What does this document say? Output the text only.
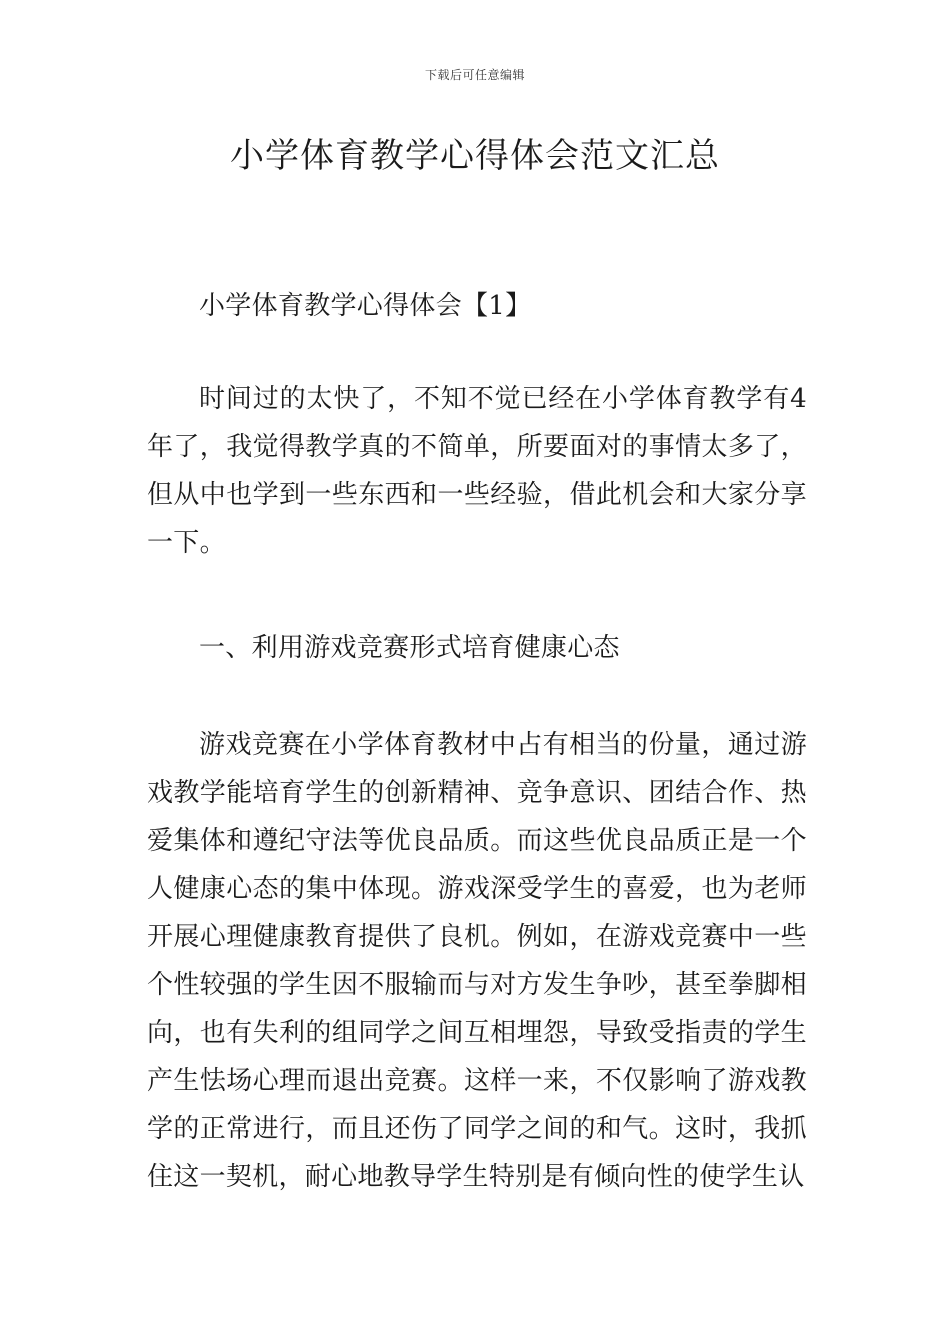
下载后可任意编辑
小学体育教学心得体会范文汇总

小学体育教学心得体会【1】

时间过的太快了，不知不觉已经在小学体育教学有4年了，我觉得教学真的不简单，所要面对的事情太多了，但从中也学到一些东西和一些经验，借此机会和大家分享一下。

一、利用游戏竞赛形式培育健康心态

游戏竞赛在小学体育教材中占有相当的份量，通过游戏教学能培育学生的创新精神、竞争意识、团结合作、热爱集体和遵纪守法等优良品质。而这些优良品质正是一个人健康心态的集中体现。游戏深受学生的喜爱，也为老师开展心理健康教育提供了良机。例如，在游戏竞赛中一些个性较强的学生因不服输而与对方发生争吵，甚至拳脚相向，也有失利的组同学之间互相埋怨，导致受指责的学生产生怯场心理而退出竞赛。这样一来，不仅影响了游戏教学的正常进行，而且还伤了同学之间的和气。这时，我抓住这一契机，耐心地教导学生特别是有倾向性的使学生认
